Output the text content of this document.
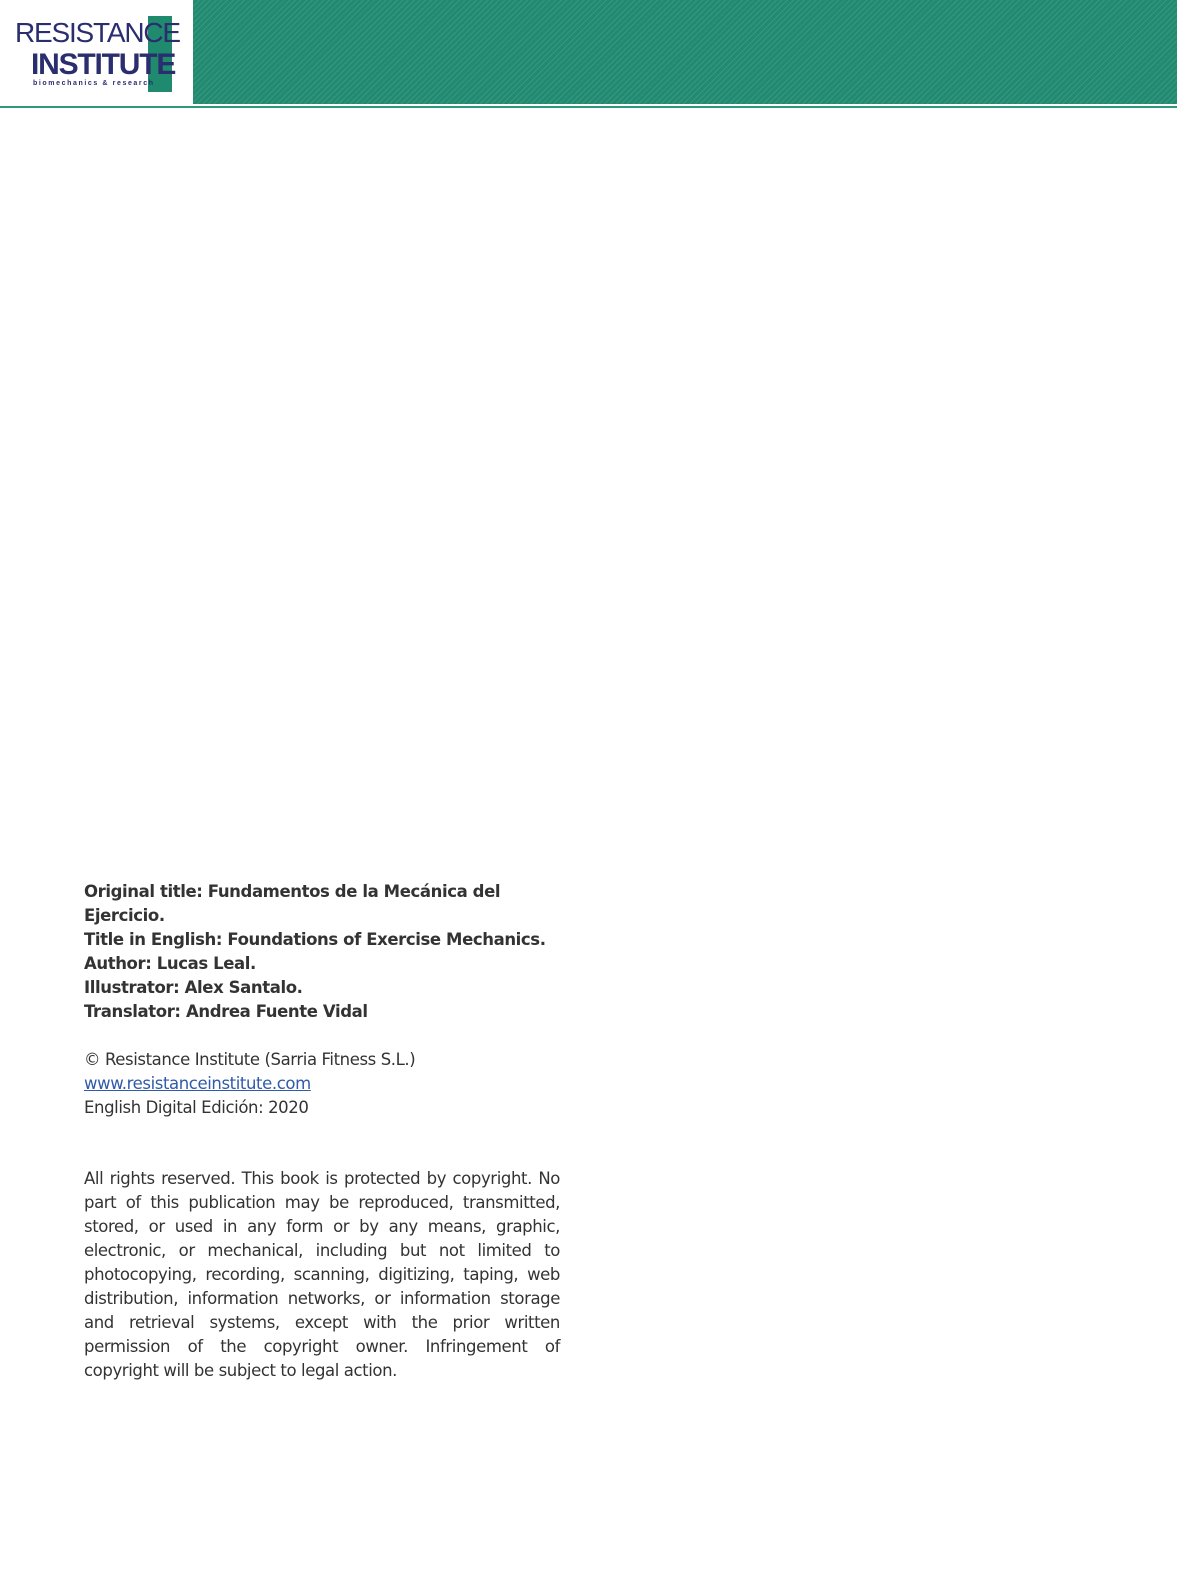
RESISTANCE
INSTITUTE
biomechanics & research

Original title: Fundamentos de la Mecánica del Ejercicio.

Title in English: Foundations of Exercise Mechanics.

Author: Lucas Leal.

Illustrator: Alex Santalo.

Translator: Andrea Fuente Vidal

© Resistance Institute (Sarria Fitness S.L.)

www.resistanceinstitute.com

English Digital Edición: 2020

All rights reserved. This book is protected by copyright. No part of this publication may be reproduced, transmitted, stored, or used in any form or by any means, graphic, electronic, or mechanical, including but not limited to photocopying, recording, scanning, digitizing, taping, web distribution, information networks, or information storage and retrieval systems, except with the prior written permission of the copyright owner. Infringement of copyright will be subject to legal action.
